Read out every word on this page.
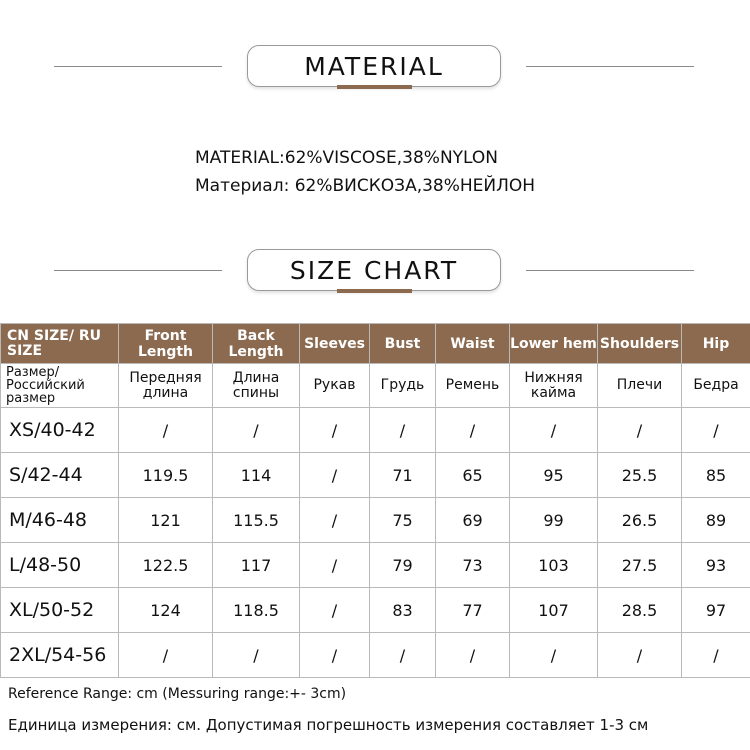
MATERIAL
MATERIAL:62%VISCOSE,38%NYLON
Материал: 62%ВИСКОЗА,38%НЕЙЛОН
SIZE CHART
CN SIZE/ RU SIZE	Front Length	Back Length	Sleeves	Bust	Waist	Lower hem	Shoulders	Hip
Размер/ Российский размер	Передняя длина	Длина спины	Рукав	Грудь	Ремень	Нижняя кайма	Плечи	Бедра
XS/40-42	/	/	/	/	/	/	/	/
S/42-44	119.5	114	/	71	65	95	25.5	85
M/46-48	121	115.5	/	75	69	99	26.5	89
L/48-50	122.5	117	/	79	73	103	27.5	93
XL/50-52	124	118.5	/	83	77	107	28.5	97
2XL/54-56	/	/	/	/	/	/	/	/
Reference Range: cm (Messuring range:+- 3cm)
Единица измерения: см. Допустимая погрешность измерения составляет 1-3 см
